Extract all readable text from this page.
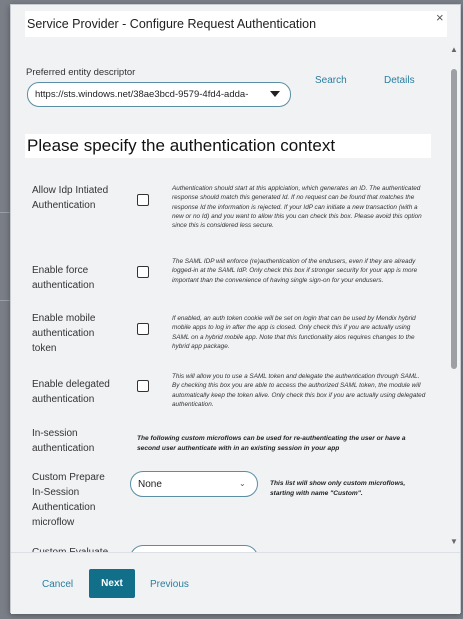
Service Provider - Configure Request Authentication	×
Preferred entity descriptor
https://sts.windows.net/38ae3bcd-9579-4fd4-adda-
Search	Details
Please specify the authentication context
Allow Idp Intiated Authentication
Authentication should start at this applciation, which generates an ID. The authenticated response should match this generated Id. If no request can be found that matches the response Id the information is rejected. If your IdP can initiate a new transaction (with a new or no Id) and you want to allow this you can check this box. Please avoid this option since this is considered less secure.
Enable force authentication
The SAML IDP will enforce (re)authentication of the endusers, even if they are already logged-in at the SAML IdP. Only check this box if stronger security for your app is more important than the convenience of having single sign-on for your endusers.
Enable mobile authentication token
If enabled, an auth token cookie will be set on login that can be used by Mendix hybrid mobile apps to log in after the app is closed. Only check this if you are actually using SAML on a hybrid mobile app. Note that this functionality alos requires changes to the hybrid app package.
Enable delegated authentication
This will allow you to use a SAML token and delegate the authentication through SAML. By checking this box you are able to access the authorized SAML token, the module will automatically keep the token alive. Only check this box if you are actually using delegated authentication.
In-session authentication
The following custom microflows can be used for re-authenticating the user or have a second user authenticate with in an existing session in your app
Custom Prepare In-Session Authentication microflow
None	⌄	This list will show only custom microflows, starting with name "Custom".
▲
▼
Cancel	Next	Previous
